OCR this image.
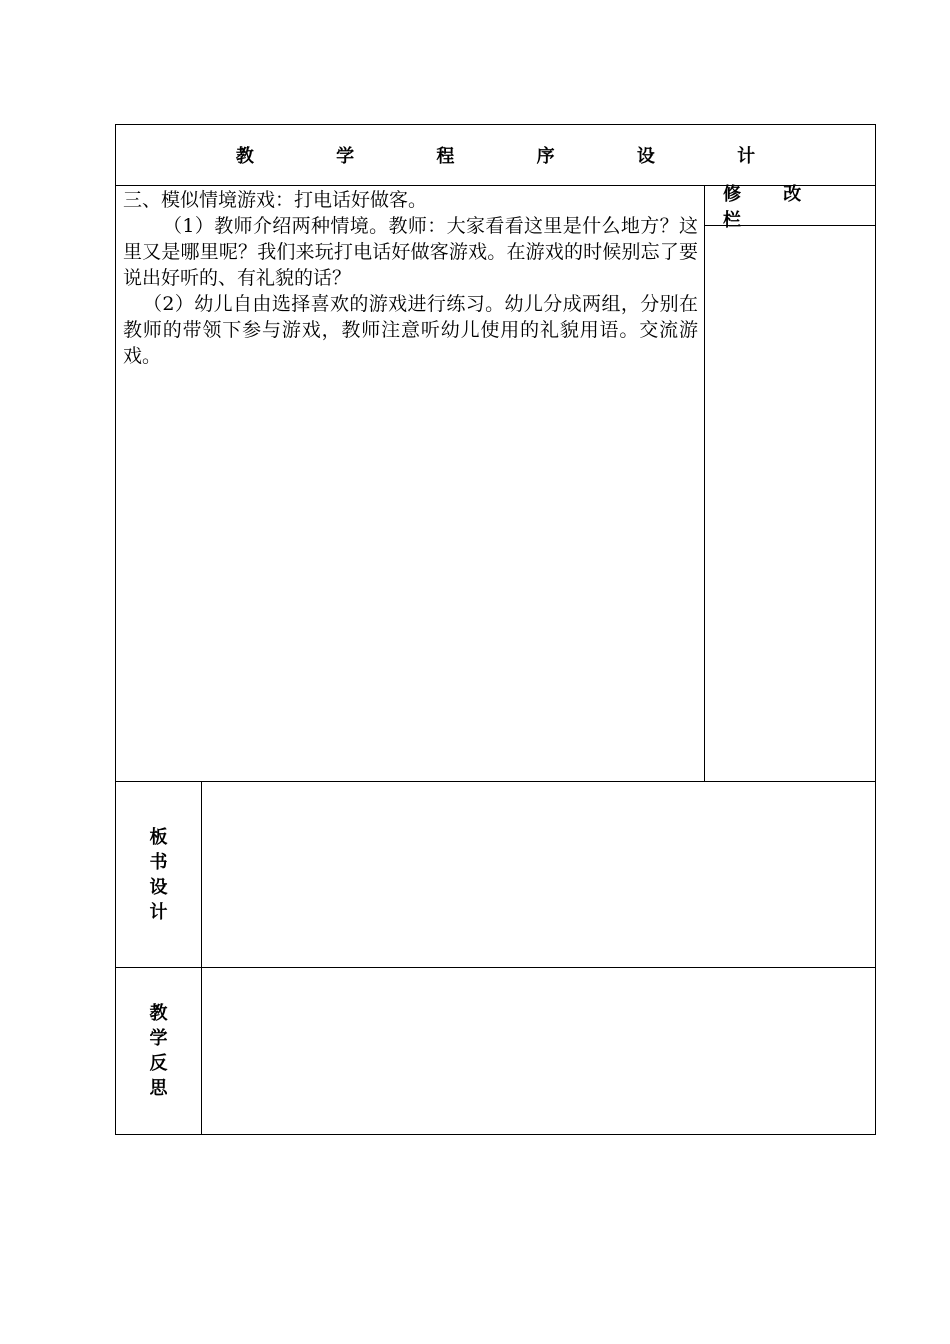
教 学 程 序 设 计

三、模似情境游戏：打电话好做客。

（1）教师介绍两种情境。教师：大家看看这里是什么地方？这里又是哪里呢？我们来玩打电话好做客游戏。在游戏的时候别忘了要说出好听的、有礼貌的话？

（2）幼儿自由选择喜欢的游戏进行练习。幼儿分成两组，分别在教师的带领下参与游戏，教师注意听幼儿使用的礼貌用语。交流游戏。

修 改 栏
板书设计
教学反思
